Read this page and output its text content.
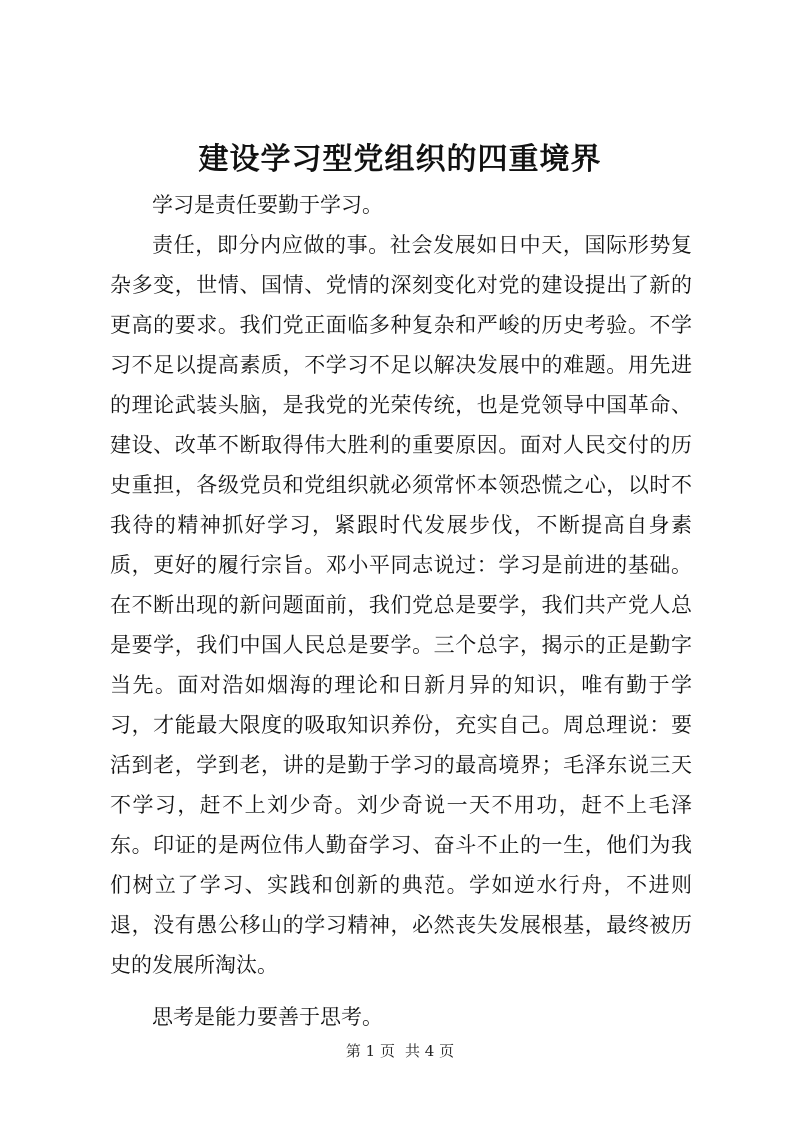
建设学习型党组织的四重境界

学习是责任要勤于学习。

责任，即分内应做的事。社会发展如日中天，国际形势复杂多变，世情、国情、党情的深刻变化对党的建设提出了新的更高的要求。我们党正面临多种复杂和严峻的历史考验。不学习不足以提高素质，不学习不足以解决发展中的难题。用先进的理论武装头脑，是我党的光荣传统，也是党领导中国革命、建设、改革不断取得伟大胜利的重要原因。面对人民交付的历史重担，各级党员和党组织就必须常怀本领恐慌之心，以时不我待的精神抓好学习，紧跟时代发展步伐，不断提高自身素质，更好的履行宗旨。邓小平同志说过：学习是前进的基础。在不断出现的新问题面前，我们党总是要学，我们共产党人总是要学，我们中国人民总是要学。三个总字，揭示的正是勤字当先。面对浩如烟海的理论和日新月异的知识，唯有勤于学习，才能最大限度的吸取知识养份，充实自己。周总理说：要活到老，学到老，讲的是勤于学习的最高境界；毛泽东说三天不学习，赶不上刘少奇。刘少奇说一天不用功，赶不上毛泽东。印证的是两位伟人勤奋学习、奋斗不止的一生，他们为我们树立了学习、实践和创新的典范。学如逆水行舟，不进则退，没有愚公移山的学习精神，必然丧失发展根基，最终被历史的发展所淘汰。

思考是能力要善于思考。

第 1 页 共 4 页
